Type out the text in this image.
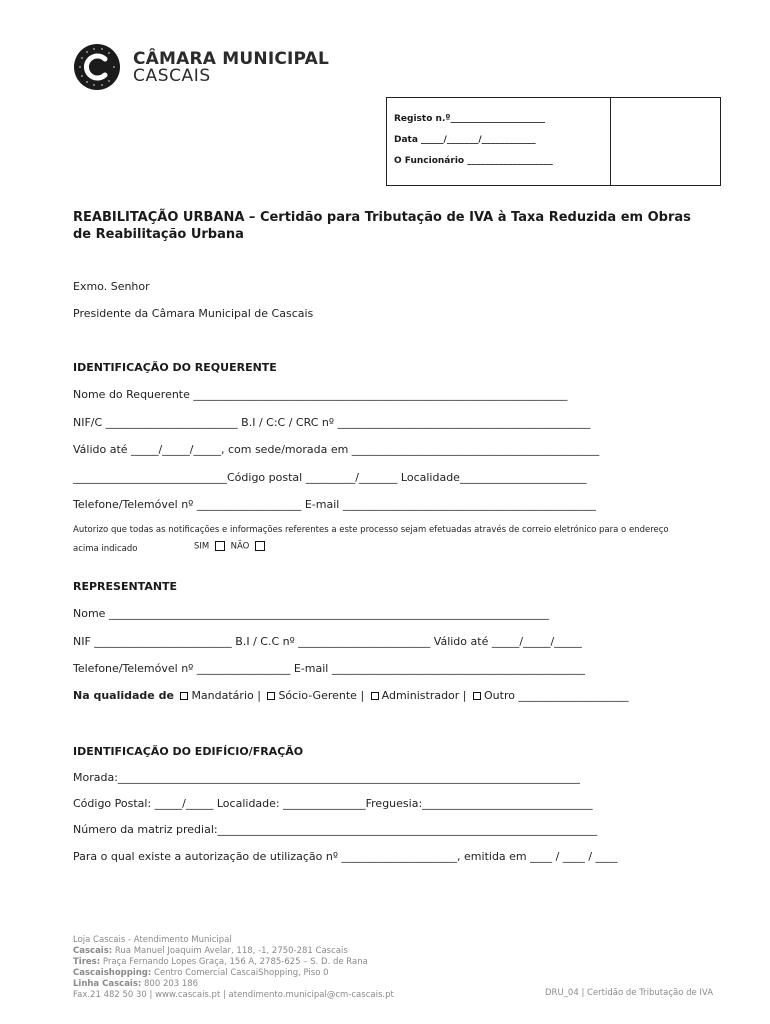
CÂMARA MUNICIPAL
CASCAIS
Registo n.º_____________________
Data _____/_______/____________
O Funcionário ___________________
REABILITAÇÃO URBANA – Certidão para Tributação de IVA à Taxa Reduzida em Obras de Reabilitação Urbana
Exmo. Senhor
Presidente da Câmara Municipal de Cascais
IDENTIFICAÇÃO DO REQUERENTE
Nome do Requerente ____________________________________________________________________
NIF/C ________________________ B.I / C:C / CRC nº ______________________________________________
Válido até _____/_____/_____, com sede/morada em _____________________________________________
____________________________Código postal _________/_______ Localidade_______________________
Telefone/Telemóvel nº ___________________ E-mail ______________________________________________
Autorizo que todas as notificações e informações referentes a este processo sejam efetuadas através de correio eletrónico para o endereço
acima indicado	SIM	NÃO
REPRESENTANTE
Nome ________________________________________________________________________________
NIF _________________________ B.I / C.C nº ________________________ Válido até _____/_____/_____
Telefone/Telemóvel nº _________________ E-mail ______________________________________________
Na qualidade de Mandatário | Sócio-Gerente | Administrador | Outro ____________________
IDENTIFICAÇÃO DO EDIFÍCIO/FRAÇÃO
Morada:____________________________________________________________________________________
Código Postal: _____/_____ Localidade: _______________Freguesia:_______________________________
Número da matriz predial:_____________________________________________________________________
Para o qual existe a autorização de utilização nº _____________________, emitida em ____ / ____ / ____
Loja Cascais - Atendimento Municipal
Cascais: Rua Manuel Joaquim Avelar, 118, -1, 2750-281 Cascais
Tires: Praça Fernando Lopes Graça, 156 A, 2785-625 – S. D. de Rana
Cascaishopping: Centro Comercial CascaiShopping, Piso 0
Linha Cascais: 800 203 186
Fax.21 482 50 30 | www.cascais.pt | atendimento.municipal@cm-cascais.pt	DRU_04 | Certidão de Tributação de IVA
